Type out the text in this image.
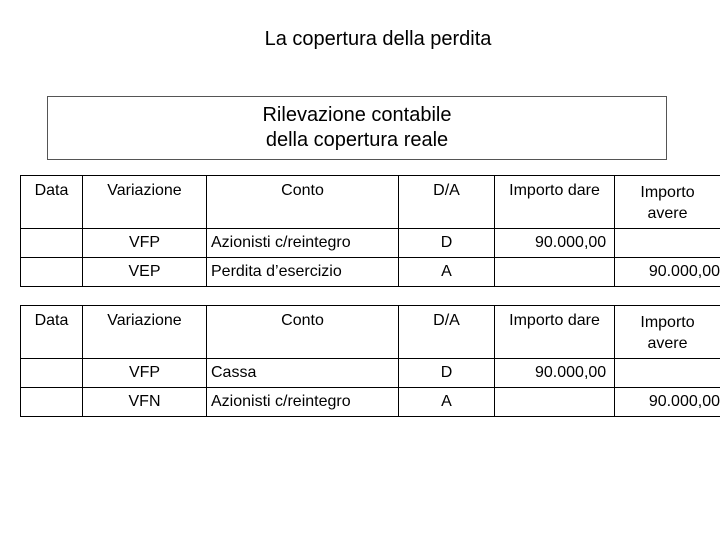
La copertura della perdita
Rilevazione contabile
della copertura reale
Data	Variazione	Conto	D/A	Importo dare	Importo
avere

	VFP	Azionisti c/reintegro	D	90.000,00	

	VEP	Perdita d’esercizio	A		90.000,00
Data	Variazione	Conto	D/A	Importo dare	Importo
avere

	VFP	Cassa	D	90.000,00	

	VFN	Azionisti c/reintegro	A		90.000,00
